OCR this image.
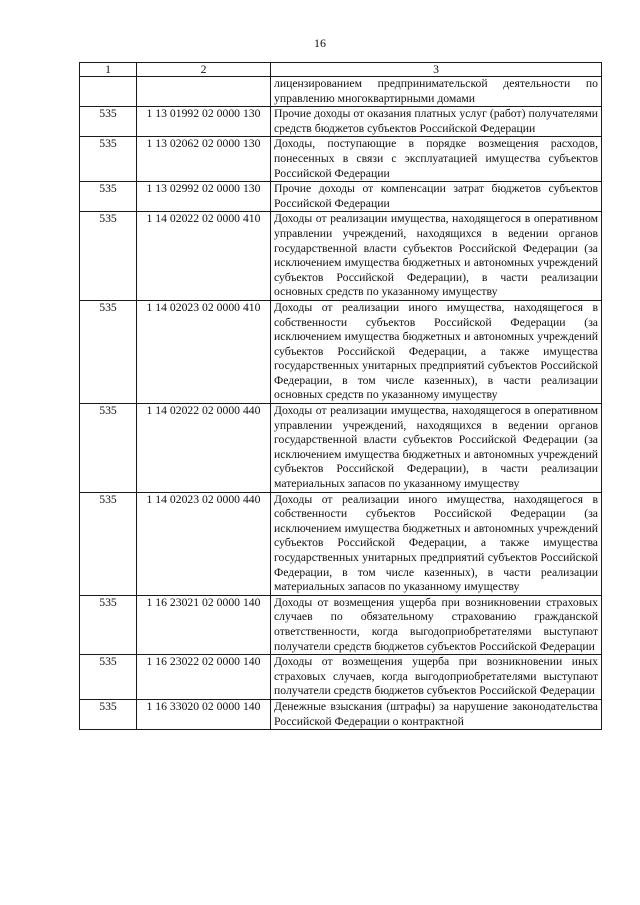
16
1	2	3
		лицензированием предпринимательской деятельности по управлению многоквартирными домами
535	1 13 01992 02 0000 130	Прочие доходы от оказания платных услуг (работ) получателями средств бюджетов субъектов Российской Федерации
535	1 13 02062 02 0000 130	Доходы, поступающие в порядке возмещения расходов, понесенных в связи с эксплуатацией имущества субъектов Российской Федерации
535	1 13 02992 02 0000 130	Прочие доходы от компенсации затрат бюджетов субъектов Российской Федерации
535	1 14 02022 02 0000 410	Доходы от реализации имущества, находящегося в оперативном управлении учреждений, находящихся в ведении органов государственной власти субъектов Российской Федерации (за исключением имущества бюджетных и автономных учреждений субъектов Российской Федерации), в части реализации основных средств по указанному имуществу
535	1 14 02023 02 0000 410	Доходы от реализации иного имущества, находящегося в собственности субъектов Российской Федерации (за исключением имущества бюджетных и автономных учреждений субъектов Российской Федерации, а также имущества государственных унитарных предприятий субъектов Российской Федерации, в том числе казенных), в части реализации основных средств по указанному имуществу
535	1 14 02022 02 0000 440	Доходы от реализации имущества, находящегося в оперативном управлении учреждений, находящихся в ведении органов государственной власти субъектов Российской Федерации (за исключением имущества бюджетных и автономных учреждений субъектов Российской Федерации), в части реализации материальных запасов по указанному имуществу
535	1 14 02023 02 0000 440	Доходы от реализации иного имущества, находящегося в собственности субъектов Российской Федерации (за исключением имущества бюджетных и автономных учреждений субъектов Российской Федерации, а также имущества государственных унитарных предприятий субъектов Российской Федерации, в том числе казенных), в части реализации материальных запасов по указанному имуществу
535	1 16 23021 02 0000 140	Доходы от возмещения ущерба при возникновении страховых случаев по обязательному страхованию гражданской ответственности, когда выгодоприобретателями выступают получатели средств бюджетов субъектов Российской Федерации
535	1 16 23022 02 0000 140	Доходы от возмещения ущерба при возникновении иных страховых случаев, когда выгодоприобретателями выступают получатели средств бюджетов субъектов Российской Федерации
535	1 16 33020 02 0000 140	Денежные взыскания (штрафы) за нарушение законодательства Российской Федерации о контрактной
